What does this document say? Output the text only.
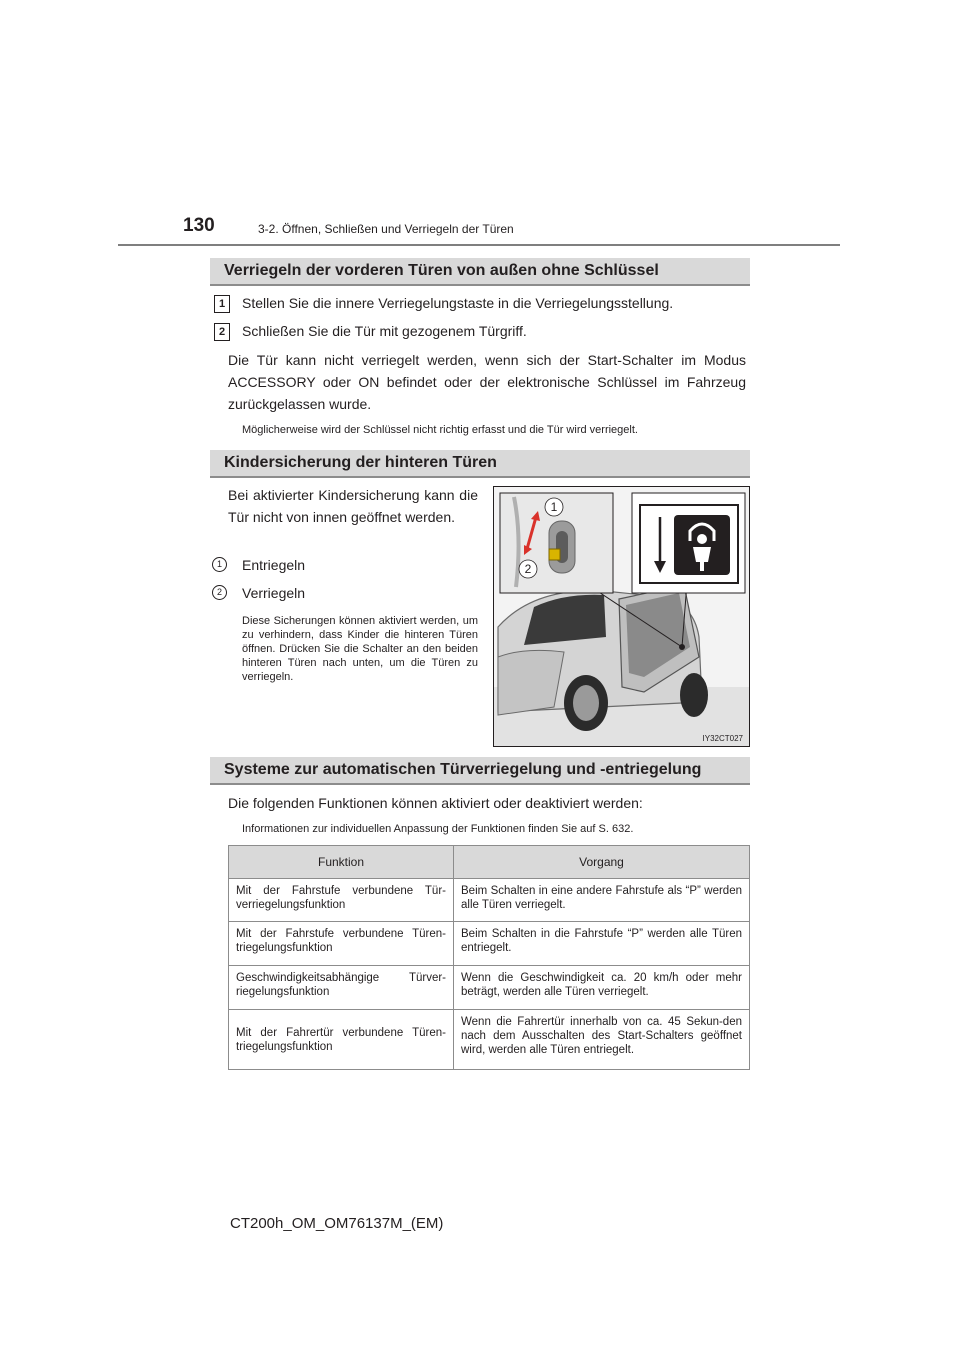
130	3-2. Öffnen, Schließen und Verriegeln der Türen
Verriegeln der vorderen Türen von außen ohne Schlüssel
1	Stellen Sie die innere Verriegelungstaste in die Verriegelungsstellung.
2	Schließen Sie die Tür mit gezogenem Türgriff.
Die Tür kann nicht verriegelt werden, wenn sich der Start-Schalter im Modus ACCESSORY oder ON befindet oder der elektronische Schlüssel im Fahrzeug zurückgelassen wurde.
Möglicherweise wird der Schlüssel nicht richtig erfasst und die Tür wird verriegelt.
Kindersicherung der hinteren Türen
Bei aktivierter Kindersicherung kann die Tür nicht von innen geöffnet werden.
1	Entriegeln
2	Verriegeln
Diese Sicherungen können aktiviert werden, um zu verhindern, dass Kinder die hinteren Türen öffnen. Drücken Sie die Schalter an den beiden hinteren Türen nach unten, um die Türen zu verriegeln.
1
2
IY32CT027
Systeme zur automatischen Türverriegelung und -entriegelung
Die folgenden Funktionen können aktiviert oder deaktiviert werden:
Informationen zur individuellen Anpassung der Funktionen finden Sie auf S. 632.
Funktion	Vorgang
Mit der Fahrstufe verbundene Tür-verriegelungsfunktion	Beim Schalten in eine andere Fahrstufe als “P” werden alle Türen verriegelt.
Mit der Fahrstufe verbundene Türen-triegelungsfunktion	Beim Schalten in die Fahrstufe “P” werden alle Türen entriegelt.
Geschwindigkeitsabhängige Türver-riegelungsfunktion	Wenn die Geschwindigkeit ca. 20 km/h oder mehr beträgt, werden alle Türen verriegelt.
Mit der Fahrertür verbundene Türen-triegelungsfunktion	Wenn die Fahrertür innerhalb von ca. 45 Sekun-den nach dem Ausschalten des Start-Schalters geöffnet wird, werden alle Türen entriegelt.
CT200h_OM_OM76137M_(EM)
